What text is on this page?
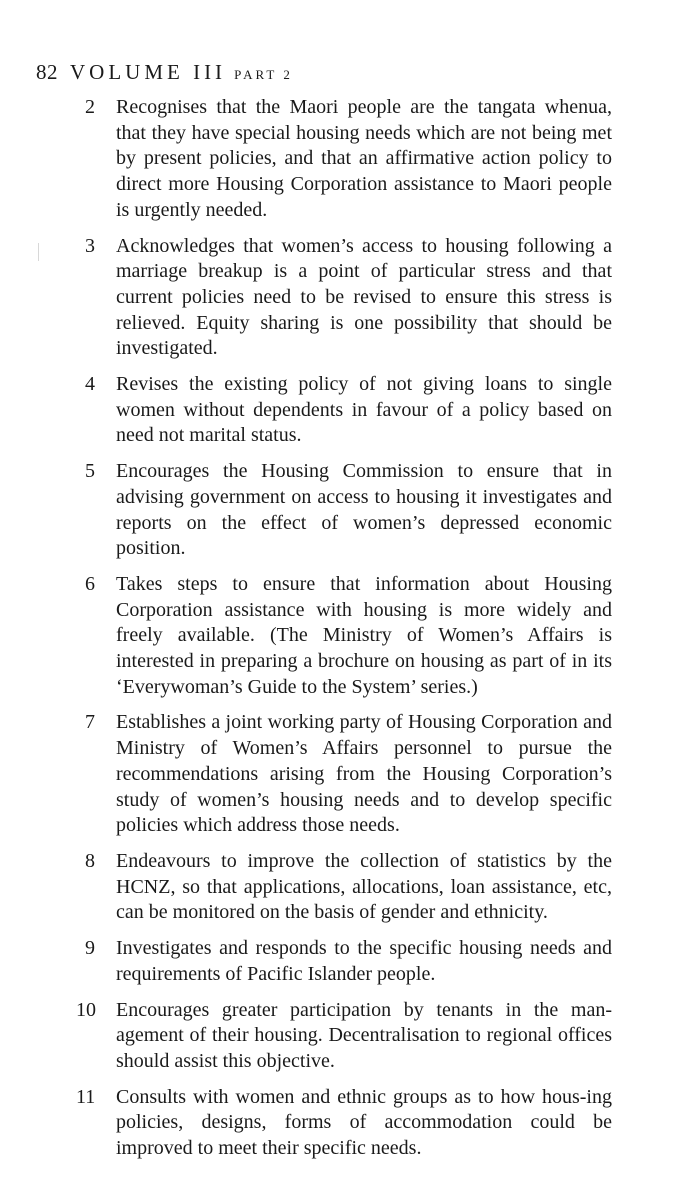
82 VOLUME III PART 2
2	Recognises that the Maori people are the tangata whenua, that they have special housing needs which are not being met by present policies, and that an affirmative action policy to direct more Housing Corporation assistance to Maori people is urgently needed.
3	Acknowledges that women’s access to housing following a marriage breakup is a point of particular stress and that current policies need to be revised to ensure this stress is relieved. Equity sharing is one possibility that should be investigated.
4	Revises the existing policy of not giving loans to single women without dependents in favour of a policy based on need not marital status.
5	Encourages the Housing Commission to ensure that in advising government on access to housing it investigates and reports on the effect of women’s depressed economic position.
6	Takes steps to ensure that information about Housing Corporation assistance with housing is more widely and freely available. (The Ministry of Women’s Affairs is interested in preparing a brochure on housing as part of in its ‘Everywoman’s Guide to the System’ series.)
7	Establishes a joint working party of Housing Corporation and Ministry of Women’s Affairs personnel to pursue the recommendations arising from the Housing Corporation’s study of women’s housing needs and to develop specific policies which address those needs.
8	Endeavours to improve the collection of statistics by the HCNZ, so that applications, allocations, loan assistance, etc, can be monitored on the basis of gender and ethnicity.
9	Investigates and responds to the specific housing needs and requirements of Pacific Islander people.
10	Encourages greater participation by tenants in the man-agement of their housing. Decentralisation to regional offices should assist this objective.
11	Consults with women and ethnic groups as to how hous-ing policies, designs, forms of accommodation could be improved to meet their specific needs.
